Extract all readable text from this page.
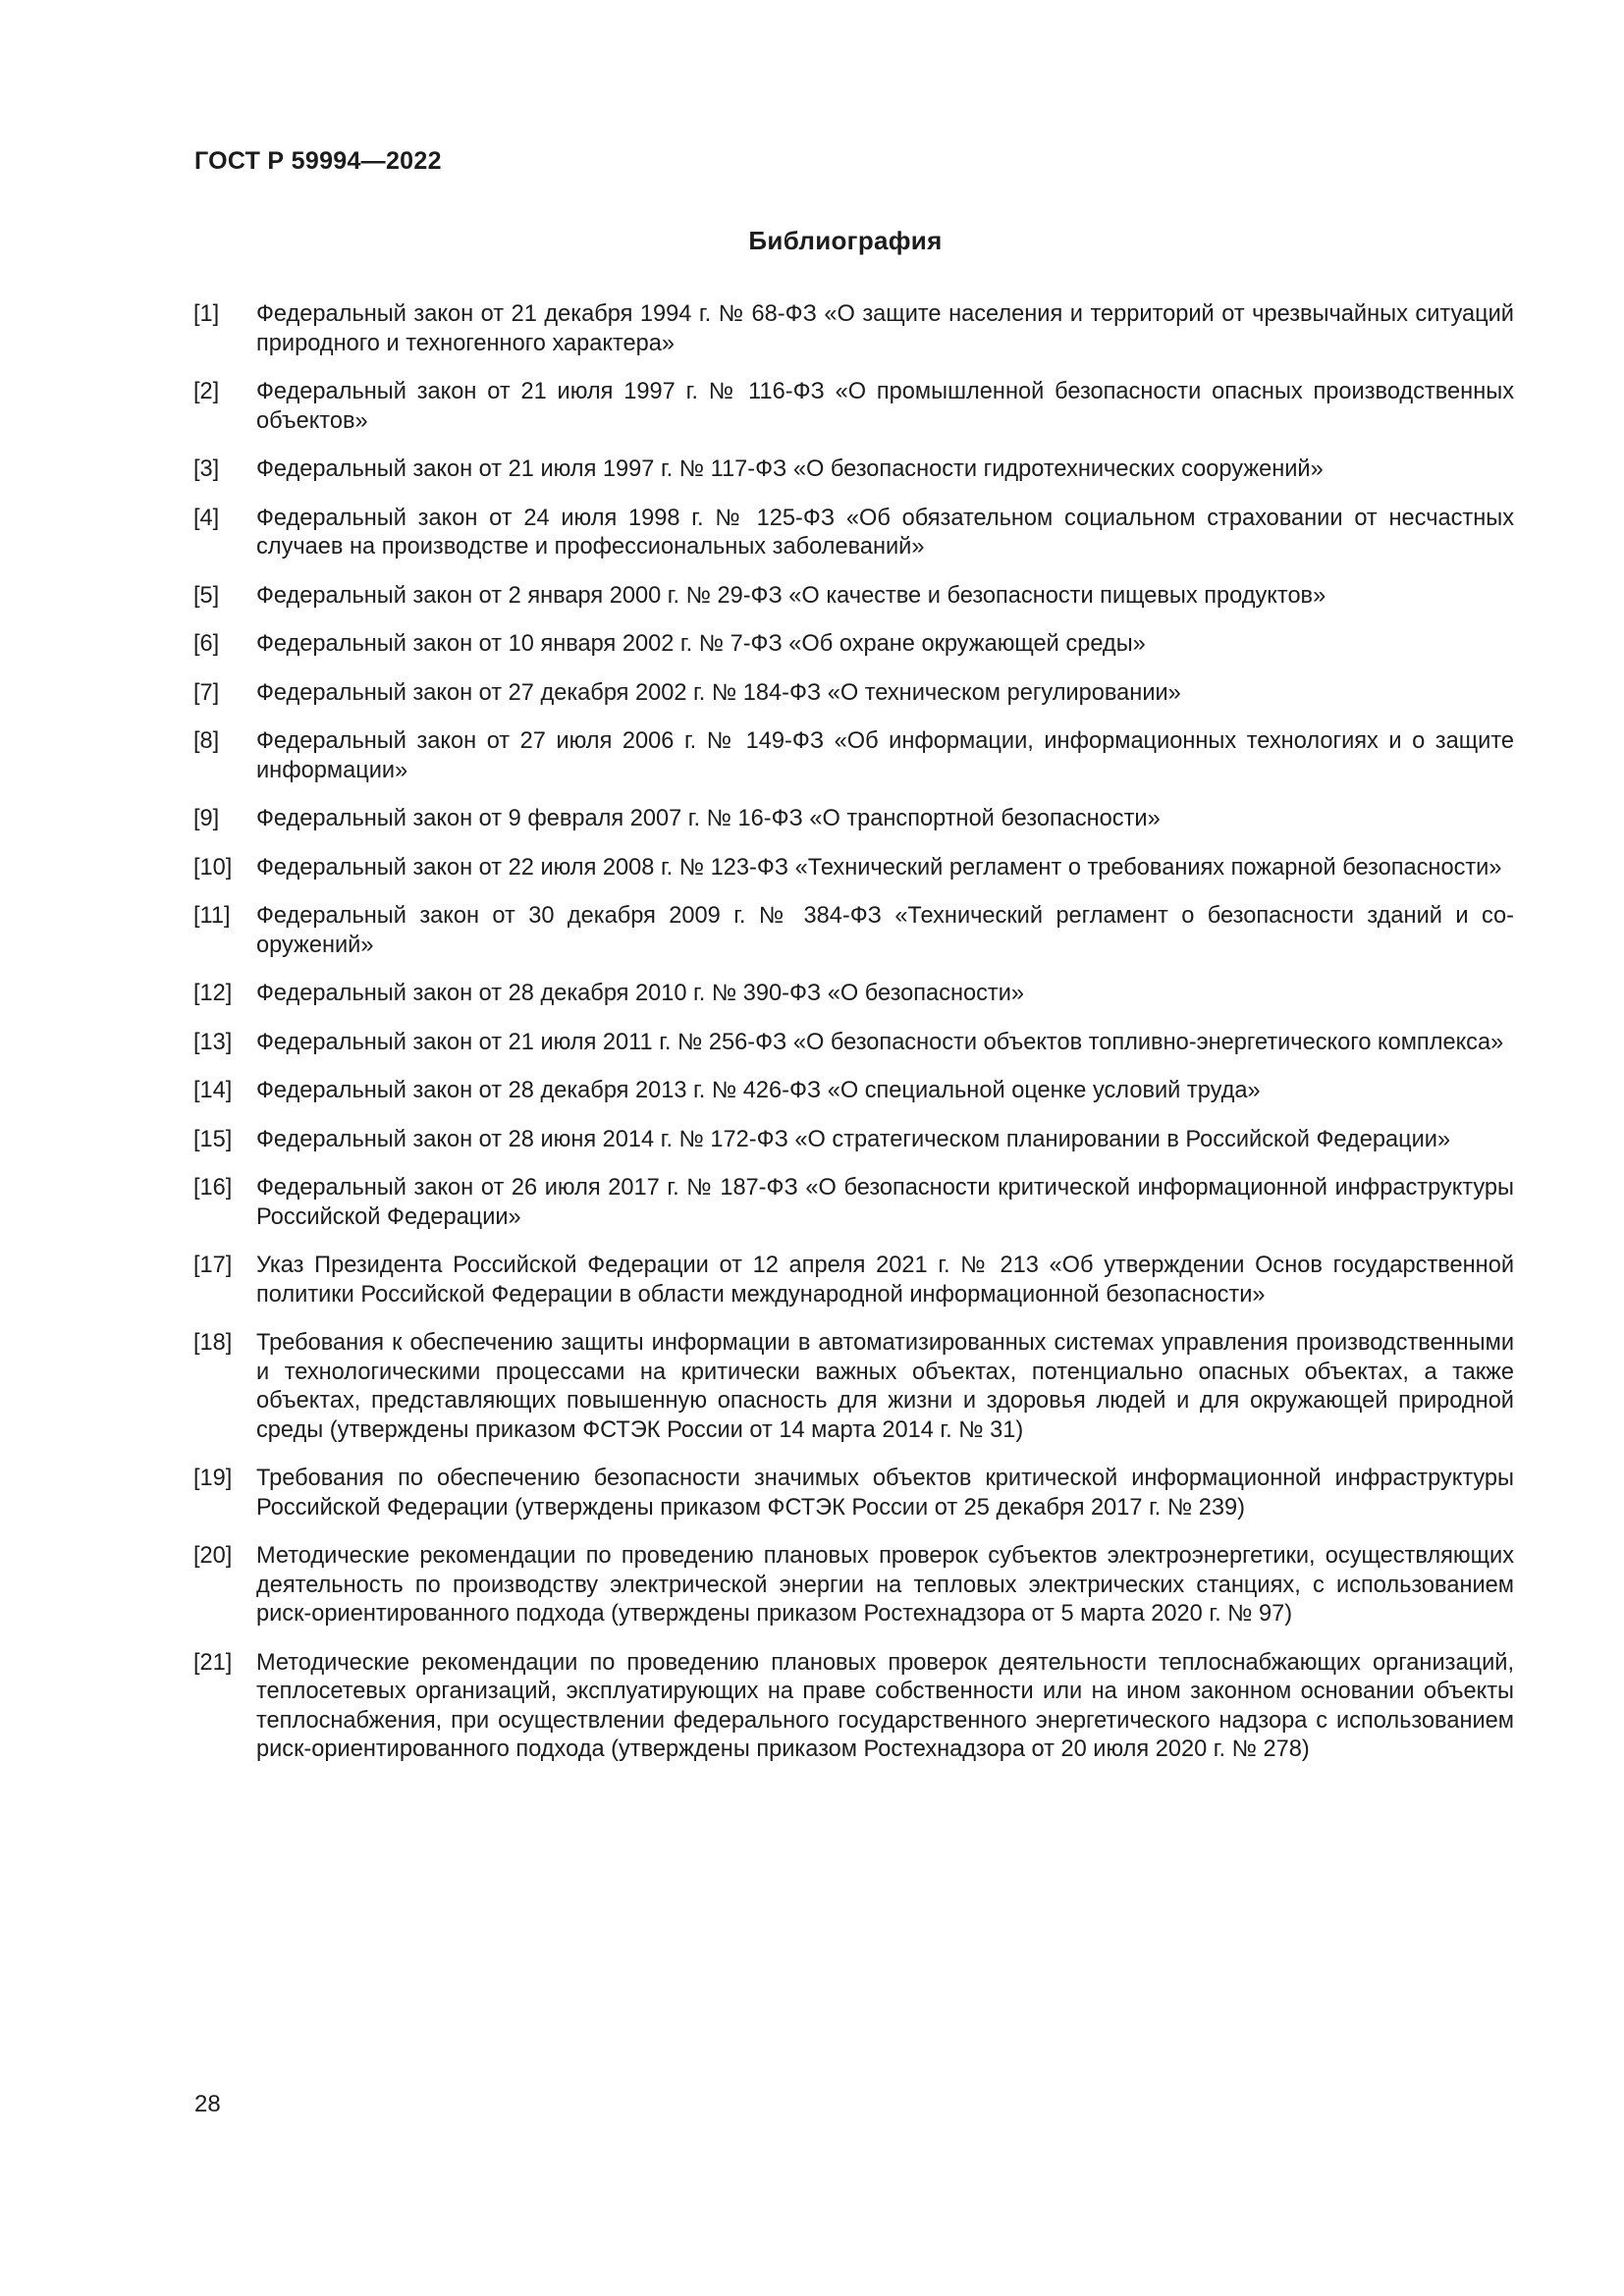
ГОСТ Р 59994—2022
Библиография
[1]	Федеральный закон от 21 декабря 1994 г. № 68-ФЗ «О защите населения и территорий от чрезвычайных ситуаций природного и техногенного характера»
[2]	Федеральный закон от 21 июля 1997 г. № 116-ФЗ «О промышленной безопасности опасных производственных объектов»
[3]	Федеральный закон от 21 июля 1997 г. № 117-ФЗ «О безопасности гидротехнических сооружений»
[4]	Федеральный закон от 24 июля 1998 г. № 125-ФЗ «Об обязательном социальном страховании от несчастных случаев на производстве и профессиональных заболеваний»
[5]	Федеральный закон от 2 января 2000 г. № 29-ФЗ «О качестве и безопасности пищевых продуктов»
[6]	Федеральный закон от 10 января 2002 г. № 7-ФЗ «Об охране окружающей среды»
[7]	Федеральный закон от 27 декабря 2002 г. № 184-ФЗ «О техническом регулировании»
[8]	Федеральный закон от 27 июля 2006 г. № 149-ФЗ «Об информации, информационных технологиях и о защите информации»
[9]	Федеральный закон от 9 февраля 2007 г. № 16-ФЗ «О транспортной безопасности»
[10]	Федеральный закон от 22 июля 2008 г. № 123-ФЗ «Технический регламент о требованиях пожарной безопасности»
[11]	Федеральный закон от 30 декабря 2009 г. № 384-ФЗ «Технический регламент о безопасности зданий и сооружений»
[12]	Федеральный закон от 28 декабря 2010 г. № 390-ФЗ «О безопасности»
[13]	Федеральный закон от 21 июля 2011 г. № 256-ФЗ «О безопасности объектов топливно-энергетического комплекса»
[14]	Федеральный закон от 28 декабря 2013 г. № 426-ФЗ «О специальной оценке условий труда»
[15]	Федеральный закон от 28 июня 2014 г. № 172-ФЗ «О стратегическом планировании в Российской Федерации»
[16]	Федеральный закон от 26 июля 2017 г. № 187-ФЗ «О безопасности критической информационной инфраструктуры Российской Федерации»
[17]	Указ Президента Российской Федерации от 12 апреля 2021 г. № 213 «Об утверждении Основ государственной политики Российской Федерации в области международной информационной безопасности»
[18]	Требования к обеспечению защиты информации в автоматизированных системах управления производственными и технологическими процессами на критически важных объектах, потенциально опасных объектах, а также объектах, представляющих повышенную опасность для жизни и здоровья людей и для окружающей природной среды (утверждены приказом ФСТЭК России от 14 марта 2014 г. № 31)
[19]	Требования по обеспечению безопасности значимых объектов критической информационной инфраструктуры Российской Федерации (утверждены приказом ФСТЭК России от 25 декабря 2017 г. № 239)
[20]	Методические рекомендации по проведению плановых проверок субъектов электроэнергетики, осуществляющих деятельность по производству электрической энергии на тепловых электрических станциях, с использованием риск-ориентированного подхода (утверждены приказом Ростехнадзора от 5 марта 2020 г. № 97)
[21]	Методические рекомендации по проведению плановых проверок деятельности теплоснабжающих организаций, теплосетевых организаций, эксплуатирующих на праве собственности или на ином законном основании объекты теплоснабжения, при осуществлении федерального государственного энергетического надзора с использованием риск-ориентированного подхода (утверждены приказом Ростехнадзора от 20 июля 2020 г. № 278)
28
